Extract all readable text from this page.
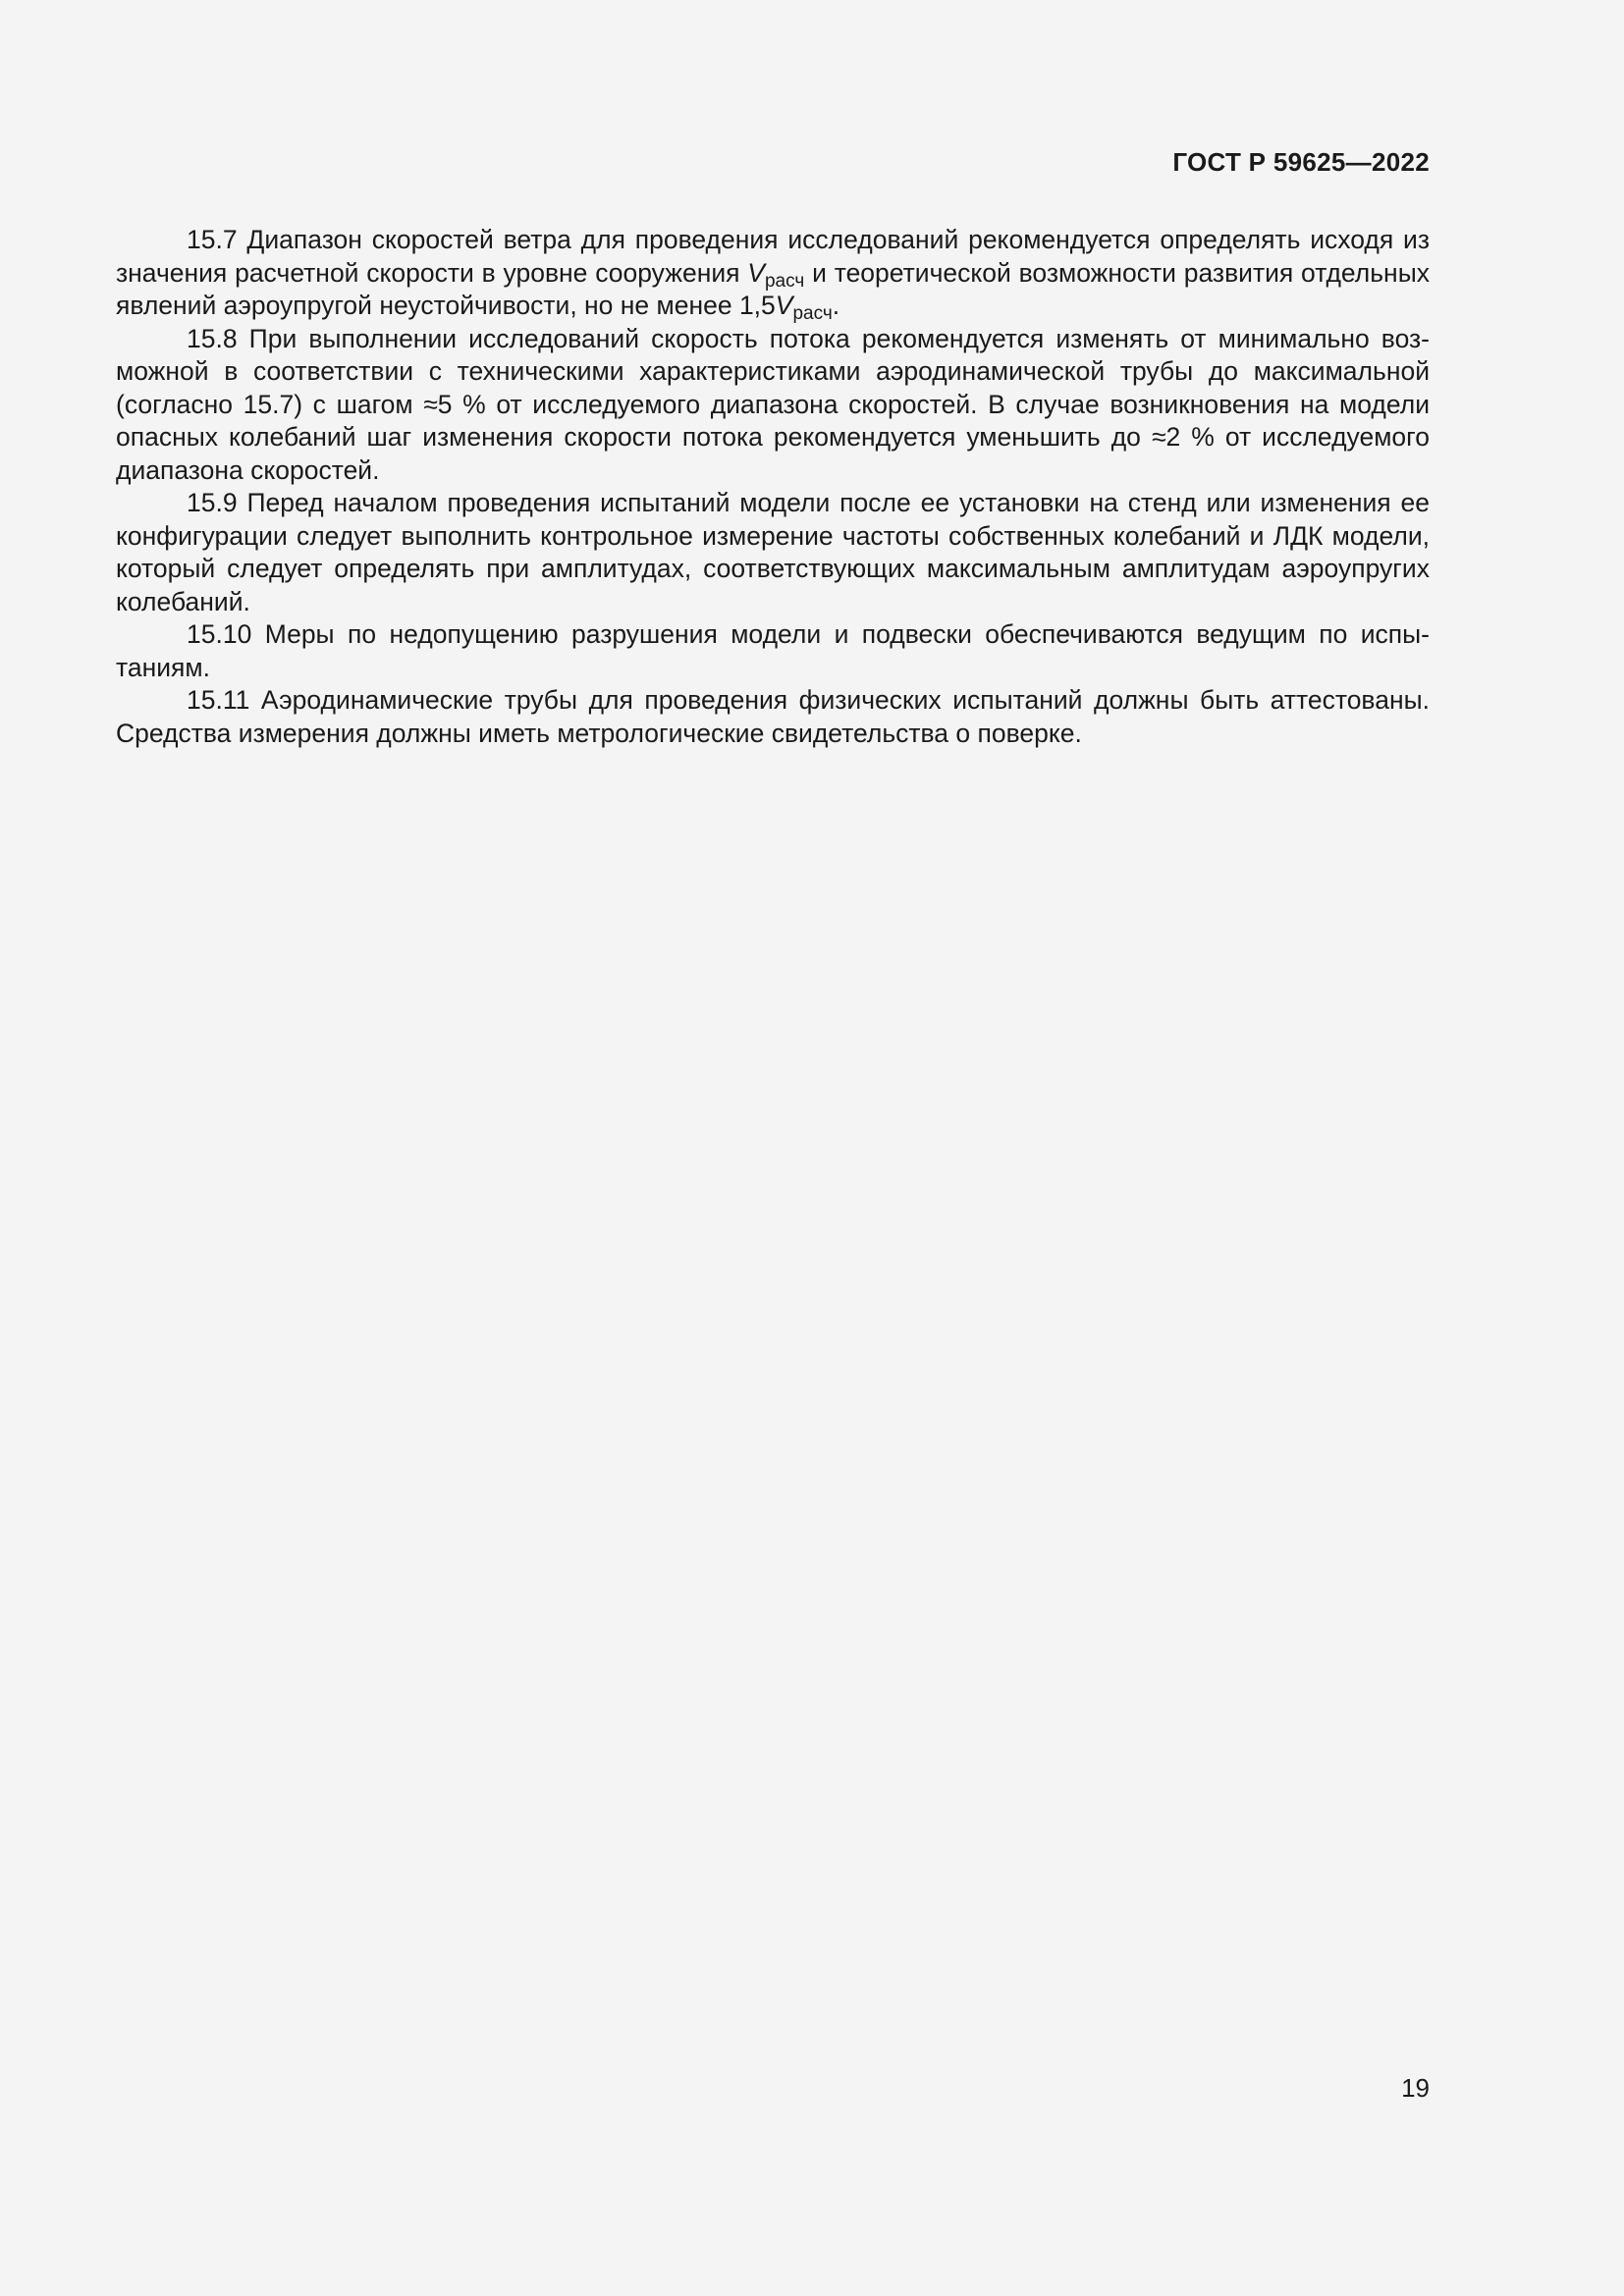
ГОСТ Р 59625—2022

15.7 Диапазон скоростей ветра для проведения исследований рекомендуется определять исходя из значения расчетной скорости в уровне сооружения $V_{расч}$ и теоретической возможности развития отдельных явлений аэроупругой неустойчивости, но не менее $1,5V_{расч}$.

15.8 При выполнении исследований скорость потока рекомендуется изменять от минимально возможной в соответствии с техническими характеристиками аэродинамической трубы до максимальной (согласно 15.7) с шагом ≈5 % от исследуемого диапазона скоростей. В случае возникновения на модели опасных колебаний шаг изменения скорости потока рекомендуется уменьшить до ≈2 % от исследуемого диапазона скоростей.

15.9 Перед началом проведения испытаний модели после ее установки на стенд или изменения ее конфигурации следует выполнить контрольное измерение частоты собственных колебаний и ЛДК модели, который следует определять при амплитудах, соответствующих максимальным амплитудам аэроупругих колебаний.

15.10 Меры по недопущению разрушения модели и подвески обеспечиваются ведущим по испытаниям.

15.11 Аэродинамические трубы для проведения физических испытаний должны быть аттестованы. Средства измерения должны иметь метрологические свидетельства о поверке.

19
